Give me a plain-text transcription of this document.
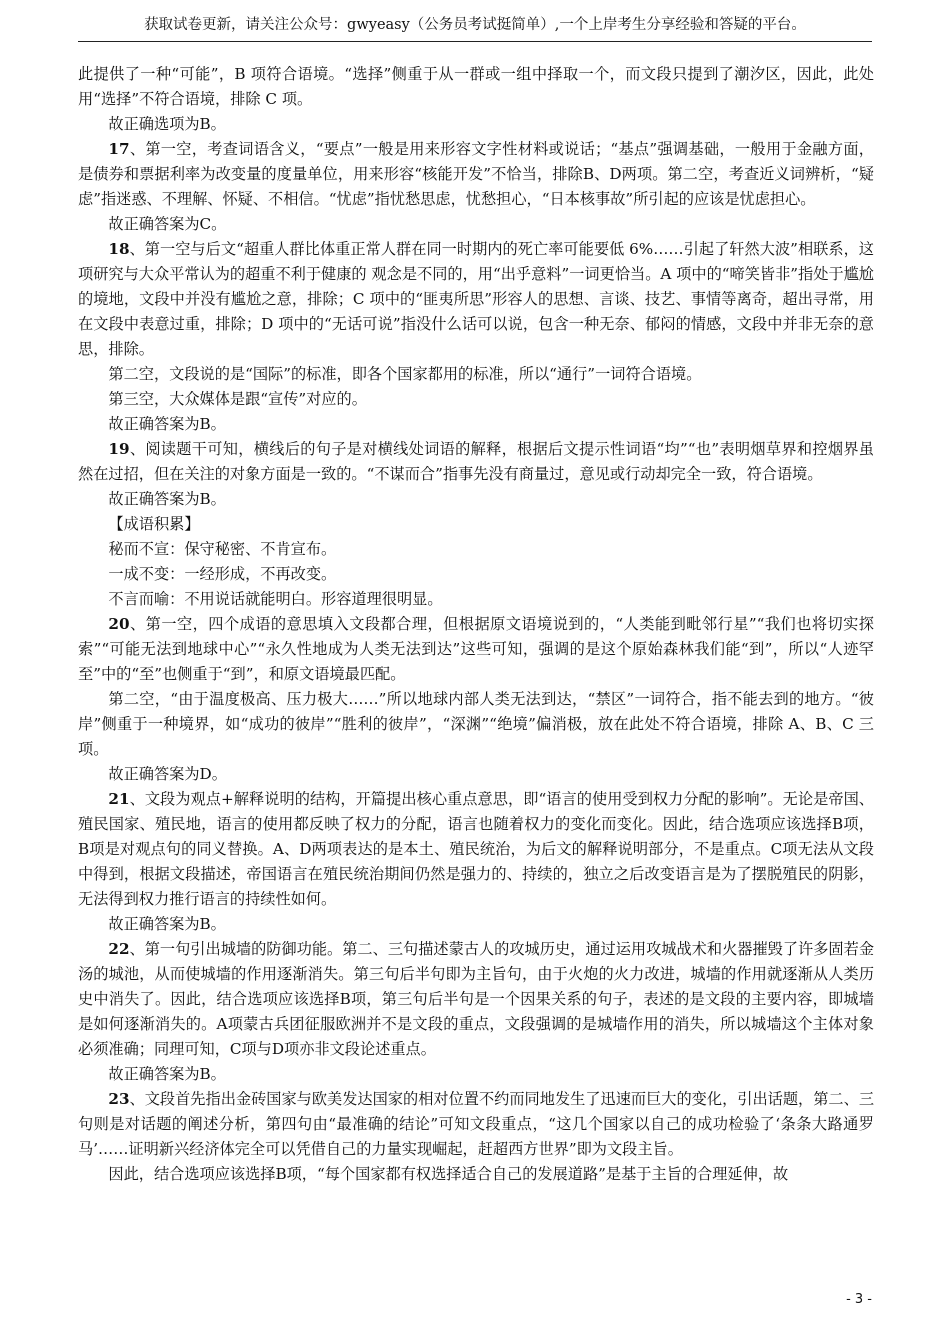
获取试卷更新，请关注公众号：gwyeasy（公务员考试挺简单）,一个上岸考生分享经验和答疑的平台。

此提供了一种“可能”，B 项符合语境。“选择”侧重于从一群或一组中择取一个，而文段只提到了潮汐区，因此，此处用“选择”不符合语境，排除 C 项。

故正确选项为B。

17、第一空，考查词语含义，“要点”一般是用来形容文字性材料或说话；“基点”强调基础，一般用于金融方面，是债券和票据利率为改变量的度量单位，用来形容“核能开发”不恰当，排除B、D两项。第二空，考查近义词辨析，“疑虑”指迷惑、不理解、怀疑、不相信。“忧虑”指忧愁思虑，忧愁担心，“日本核事故”所引起的应该是忧虑担心。

故正确答案为C。

18、第一空与后文“超重人群比体重正常人群在同一时期内的死亡率可能要低 6%……引起了轩然大波”相联系，这项研究与大众平常认为的超重不利于健康的 观念是不同的，用“出乎意料”一词更恰当。A 项中的“啼笑皆非”指处于尴尬的境地，文段中并没有尴尬之意，排除；C 项中的“匪夷所思”形容人的思想、言谈、技艺、事情等离奇，超出寻常，用在文段中表意过重，排除；D 项中的“无话可说”指没什么话可以说，包含一种无奈、郁闷的情感，文段中并非无奈的意思，排除。

第二空，文段说的是“国际”的标准，即各个国家都用的标准，所以“通行”一词符合语境。

第三空，大众媒体是跟“宣传”对应的。

故正确答案为B。

19、阅读题干可知，横线后的句子是对横线处词语的解释，根据后文提示性词语“均”“也”表明烟草界和控烟界虽然在过招，但在关注的对象方面是一致的。“不谋而合”指事先没有商量过，意见或行动却完全一致，符合语境。

故正确答案为B。

【成语积累】

秘而不宣：保守秘密、不肯宣布。

一成不变：一经形成，不再改变。

不言而喻：不用说话就能明白。形容道理很明显。

20、第一空，四个成语的意思填入文段都合理，但根据原文语境说到的，“人类能到毗邻行星”“我们也将切实探索”“可能无法到地球中心”“永久性地成为人类无法到达”这些可知，强调的是这个原始森林我们能“到”，所以“人迹罕至”中的“至”也侧重于“到”，和原文语境最匹配。

第二空，“由于温度极高、压力极大……”所以地球内部人类无法到达，“禁区”一词符合，指不能去到的地方。“彼岸”侧重于一种境界，如“成功的彼岸”“胜利的彼岸”，“深渊”“绝境”偏消极，放在此处不符合语境，排除 A、B、C 三项。

故正确答案为D。

21、文段为观点+解释说明的结构，开篇提出核心重点意思，即“语言的使用受到权力分配的影响”。无论是帝国、殖民国家、殖民地，语言的使用都反映了权力的分配，语言也随着权力的变化而变化。因此，结合选项应该选择B项，B项是对观点句的同义替换。A、D两项表达的是本土、殖民统治，为后文的解释说明部分，不是重点。C项无法从文段中得到，根据文段描述，帝国语言在殖民统治期间仍然是强力的、持续的，独立之后改变语言是为了摆脱殖民的阴影，无法得到权力推行语言的持续性如何。

故正确答案为B。

22、第一句引出城墙的防御功能。第二、三句描述蒙古人的攻城历史，通过运用攻城战术和火器摧毁了许多固若金汤的城池，从而使城墙的作用逐渐消失。第三句后半句即为主旨句，由于火炮的火力改进，城墙的作用就逐渐从人类历史中消失了。因此，结合选项应该选择B项，第三句后半句是一个因果关系的句子，表述的是文段的主要内容，即城墙是如何逐渐消失的。A项蒙古兵团征服欧洲并不是文段的重点，文段强调的是城墙作用的消失，所以城墙这个主体对象必须准确；同理可知，C项与D项亦非文段论述重点。

故正确答案为B。

23、文段首先指出金砖国家与欧美发达国家的相对位置不约而同地发生了迅速而巨大的变化，引出话题，第二、三句则是对话题的阐述分析，第四句由“最准确的结论”可知文段重点，“这几个国家以自己的成功检验了‘条条大路通罗马’……证明新兴经济体完全可以凭借自己的力量实现崛起，赶超西方世界”即为文段主旨。

因此，结合选项应该选择B项，“每个国家都有权选择适合自己的发展道路”是基于主旨的合理延伸，故

- 3 -
